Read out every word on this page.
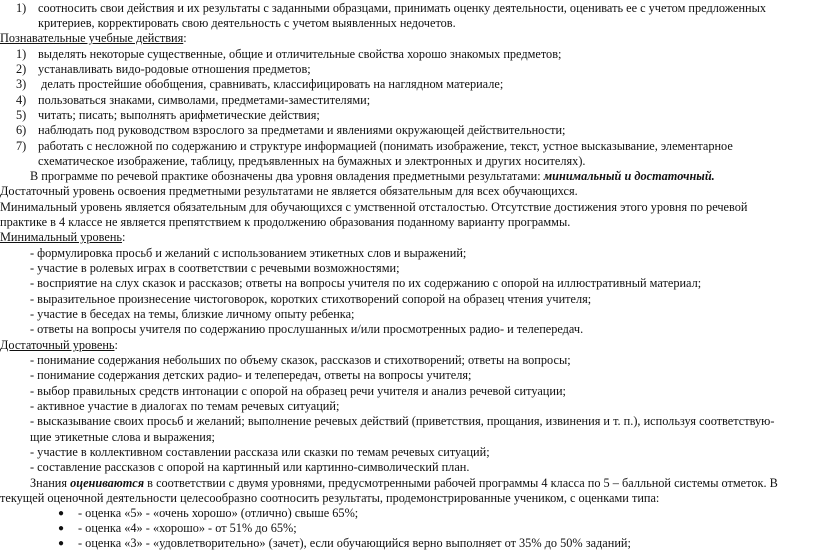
1) соотносить свои действия и их результаты с заданными образцами, принимать оценку деятельности, оценивать ее с учетом предложенных
критериев, корректировать свою деятельность с учетом выявленных недочетов.
Познавательные учебные действия:
1) выделять некоторые существенные, общие и отличительные свойства хорошо знакомых предметов;
2) устанавливать видо-родовые отношения предметов;
3) делать простейшие обобщения, сравнивать, классифицировать на наглядном материале;
4) пользоваться знаками, символами, предметами-заместителями;
5) читать; писать; выполнять арифметические действия;
6) наблюдать под руководством взрослого за предметами и явлениями окружающей действительности;
7) работать с несложной по содержанию и структуре информацией (понимать изображение, текст, устное высказывание, элементарное
схематическое изображение, таблицу, предъявленных на бумажных и электронных и других носителях).
В программе по речевой практике обозначены два уровня овладения предметными результатами: минимальный и достаточный.
Достаточный уровень освоения предметными результатами не является обязательным для всех обучающихся.
Минимальный уровень является обязательным для обучающихся с умственной отсталостью. Отсутствие достижения этого уровня по речевой
практике в 4 классе не является препятствием к продолжению образования поданному варианту программы.
Минимальный уровень:
- формулировка просьб и желаний с использованием этикетных слов и выражений;
- участие в ролевых играх в соответствии с речевыми возможностями;
- восприятие на слух сказок и рассказов; ответы на вопросы учителя по их содержанию с опорой на иллюстративный материал;
- выразительное произнесение чистоговорок, коротких стихотворений сопорой на образец чтения учителя;
- участие в беседах на темы, близкие личному опыту ребенка;
- ответы на вопросы учителя по содержанию прослушанных и/или просмотренных радио- и телепередач.
Достаточный уровень:
- понимание содержания небольших по объему сказок, рассказов и стихотворений; ответы на вопросы;
- понимание содержания детских радио- и телепередач, ответы на вопросы учителя;
- выбор правильных средств интонации с опорой на образец речи учителя и анализ речевой ситуации;
- активное участие в диалогах по темам речевых ситуаций;
- высказывание своих просьб и желаний; выполнение речевых действий (приветствия, прощания, извинения и т. п.), используя соответствую-
щие этикетные слова и выражения;
- участие в коллективном составлении рассказа или сказки по темам речевых ситуаций;
- составление рассказов с опорой на картинный или картинно-символический план.
Знания оцениваются в соответствии с двумя уровнями, предусмотренными рабочей программы 4 класса по 5 – балльной системы отметок. В
текущей оценочной деятельности целесообразно соотносить результаты, продемонстрированные учеником, с оценками типа:
● - оценка «5» - «очень хорошо» (отлично) свыше 65%;
● - оценка «4» - «хорошо» - от 51% до 65%;
● - оценка «3» - «удовлетворительно» (зачет), если обучающийся верно выполняет от 35% до 50% заданий;
